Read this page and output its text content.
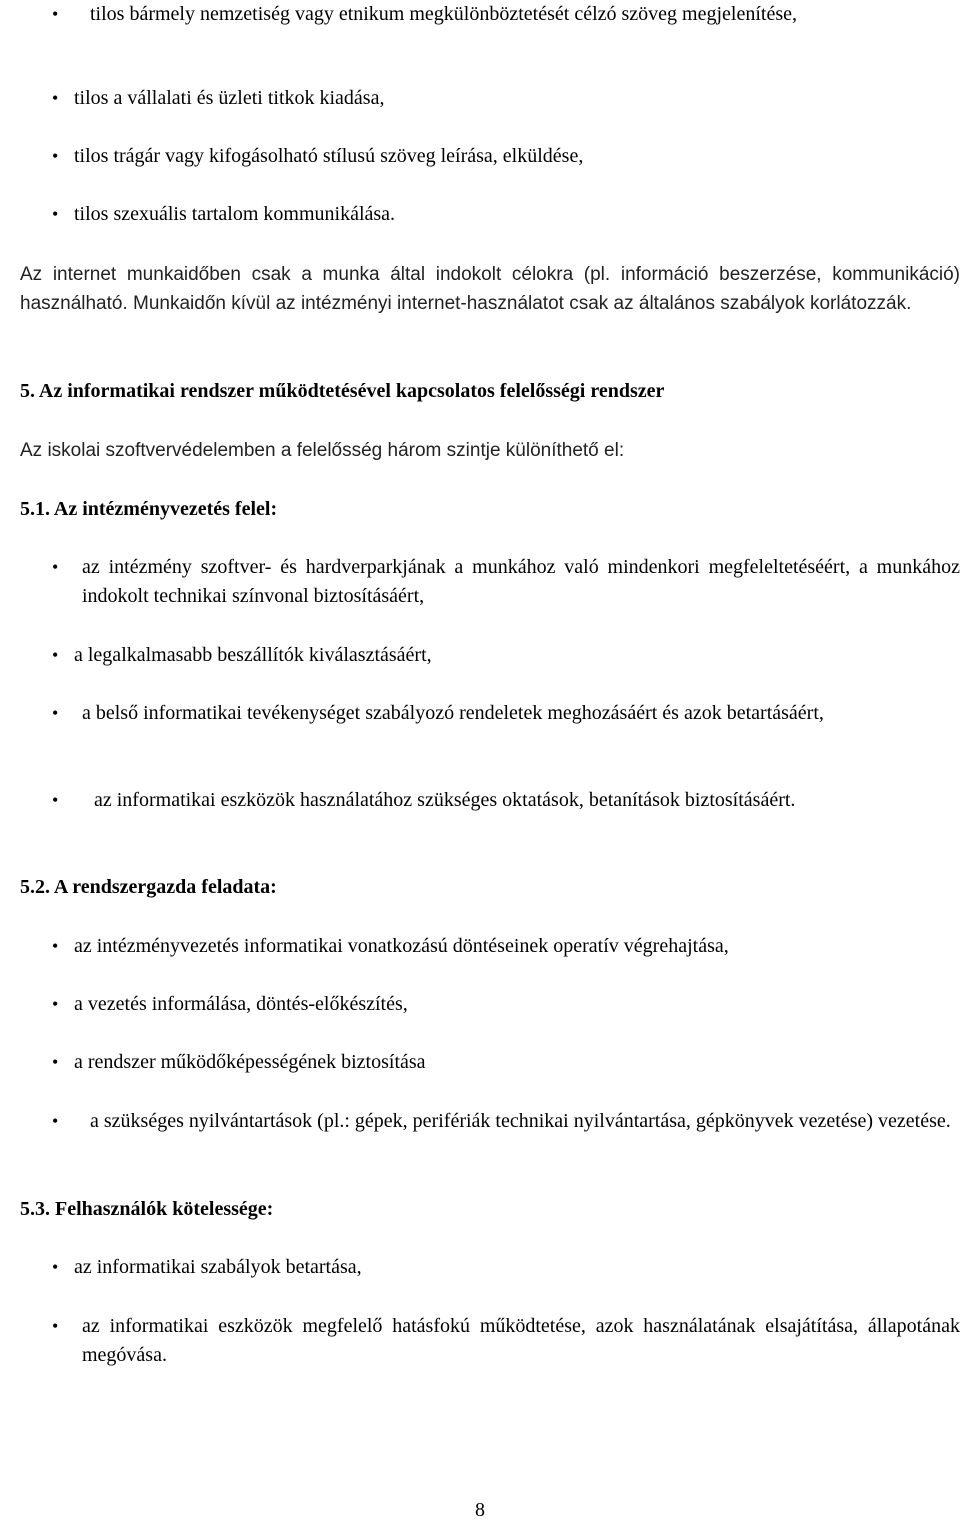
• tilos bármely nemzetiség vagy etnikum megkülönböztetését célzó szöveg megjelenítése,
• tilos a vállalati és üzleti titkok kiadása,
• tilos trágár vagy kifogásolható stílusú szöveg leírása, elküldése,
• tilos szexuális tartalom kommunikálása.
Az internet munkaidőben csak a munka által indokolt célokra (pl. információ beszerzése, kommunikáció) használható. Munkaidőn kívül az intézményi internet-használatot csak az általános szabályok korlátozzák.
5. Az informatikai rendszer működtetésével kapcsolatos felelősségi rendszer
Az iskolai szoftvervédelemben a felelősség három szintje különíthető el:
5.1. Az intézményvezetés felel:
• az intézmény szoftver- és hardverparkjának a munkához való mindenkori megfeleltetéséért, a munkához indokolt technikai színvonal biztosításáért,
• a legalkalmasabb beszállítók kiválasztásáért,
• a belső informatikai tevékenységet szabályozó rendeletek meghozásáért és azok betartásáért,
• az informatikai eszközök használatához szükséges oktatások, betanítások biztosításáért.
5.2. A rendszergazda feladata:
• az intézményvezetés informatikai vonatkozású döntéseinek operatív végrehajtása,
• a vezetés informálása, döntés-előkészítés,
• a rendszer működőképességének biztosítása
• a szükséges nyilvántartások (pl.: gépek, perifériák technikai nyilvántartása, gépkönyvek vezetése) vezetése.
5.3. Felhasználók kötelessége:
• az informatikai szabályok betartása,
• az informatikai eszközök megfelelő hatásfokú működtetése, azok használatának elsajátítása, állapotának megóvása.
8
